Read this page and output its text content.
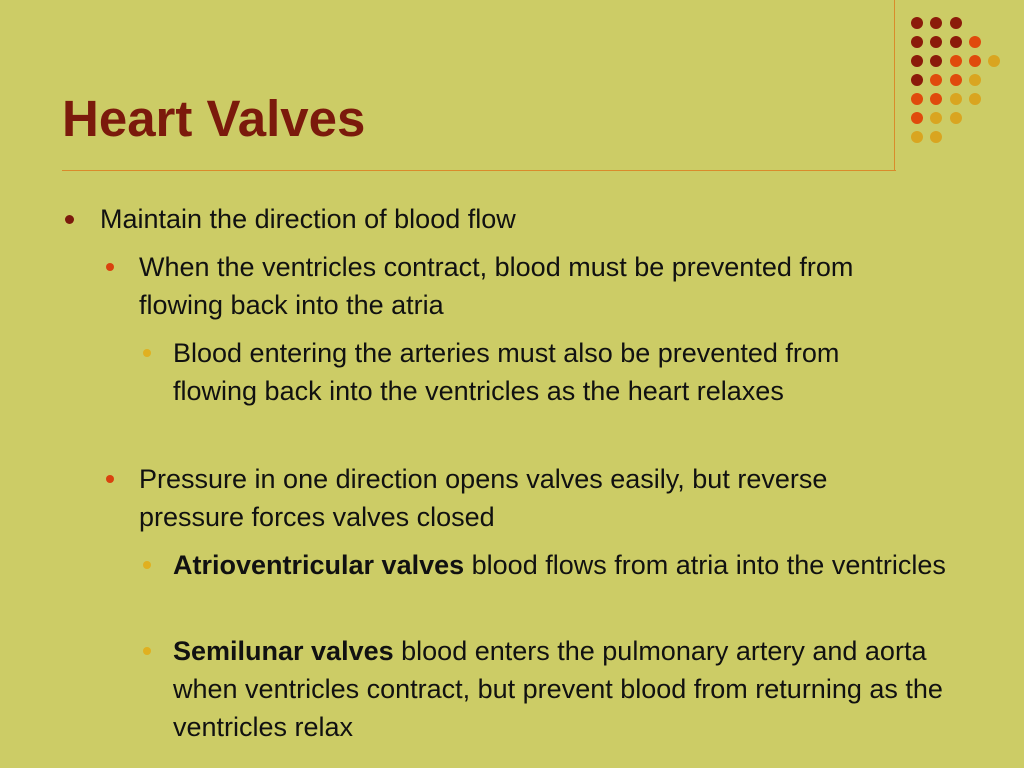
Heart Valves
Maintain the direction of blood flow
When the ventricles contract, blood must be prevented from flowing back into the atria
Blood entering the arteries must also be prevented from flowing back into the ventricles as the heart relaxes
Pressure in one direction opens valves easily, but reverse pressure forces valves closed
Atrioventricular valves blood flows from atria into the ventricles
Semilunar valves blood enters the pulmonary artery and aorta when ventricles contract, but prevent blood from returning as the ventricles relax
